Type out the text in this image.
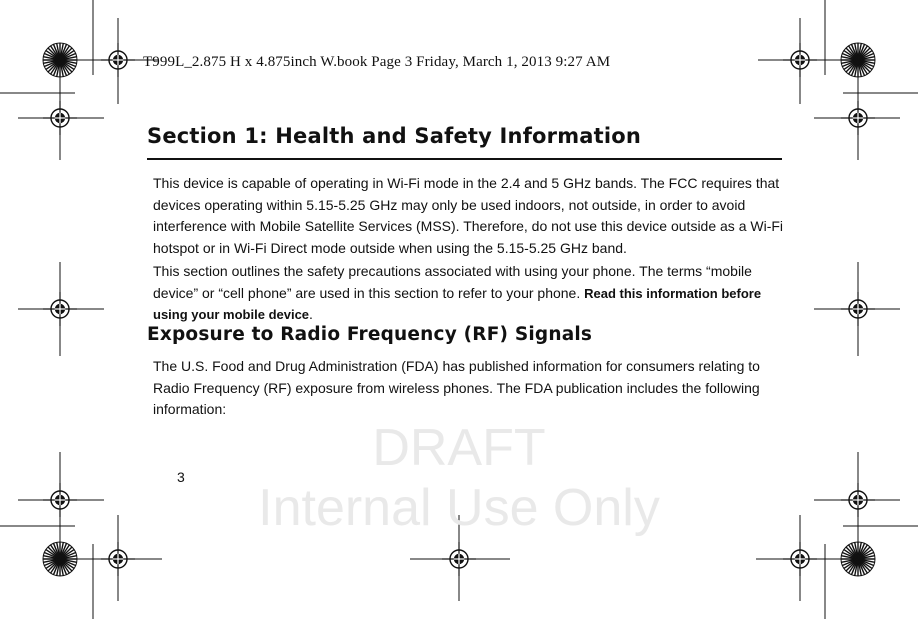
DRAFT
Internal Use Only
T999L_2.875 H x 4.875inch W.book Page 3 Friday, March 1, 2013 9:27 AM
Section 1: Health and Safety Information

This device is capable of operating in Wi-Fi mode in the 2.4 and 5 GHz bands. The FCC requires that devices operating within 5.15-5.25 GHz may only be used indoors, not outside, in order to avoid interference with Mobile Satellite Services (MSS). Therefore, do not use this device outside as a Wi-Fi hotspot or in Wi-Fi Direct mode outside when using the 5.15-5.25 GHz band.

This section outlines the safety precautions associated with using your phone. The terms “mobile device” or “cell phone” are used in this section to refer to your phone. Read this information before using your mobile device.

Exposure to Radio Frequency (RF) Signals

The U.S. Food and Drug Administration (FDA) has published information for consumers relating to Radio Frequency (RF) exposure from wireless phones. The FDA publication includes the following information:

3
